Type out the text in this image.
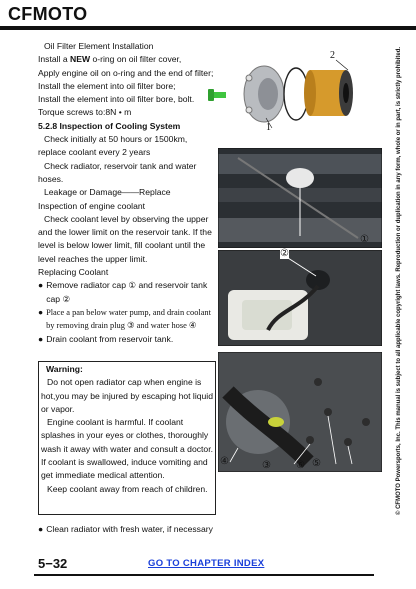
CFMOTO

Oil Filter Element Installation

Install a NEW o-ring on oil filter cover,

Apply engine oil on o-ring and the end of filter;

Install the element into oil filter bore;

Install the element into oil filter bore, bolt.

Torque screws to:8N • m

5.2.8 Inspection of Cooling System

Check initially at 50 hours or 1500km, replace coolant every 2 years

Check radiator, reservoir tank and water hoses.

Leakage or Damage——Replace

Inspection of engine coolant

Check coolant level by observing the upper and the lower limit on the reservoir tank. If the level is below lower limit, fill coolant until the level reaches the upper limit.

Replacing Coolant

● Remove radiator cap ① and reservoir tank cap ②
● Place a pan below water pump, and drain coolant by removing drain plug ③ and water hose ④
● Drain coolant from reservoir tank.

Warning:

Do not open radiator cap when engine is hot,you may be injured by escaping hot liquid or vapor.

Engine coolant is harmful. If coolant splashes in your eyes or clothes, thoroughly wash it away with water and consult a doctor. If coolant is swallowed, induce vomiting and get immediate medical attention.

Keep coolant away from reach of children.

● Clean radiator with fresh water, if necessary
1
2
①
②
④	③	⑥ ⑤
5−32	GO TO CHAPTER INDEX
© CFMOTO Powersports, Inc. This manual is subject to all applicable copyright laws. Reproduction or duplication in any form, whole or in part, is strictly prohibited.
